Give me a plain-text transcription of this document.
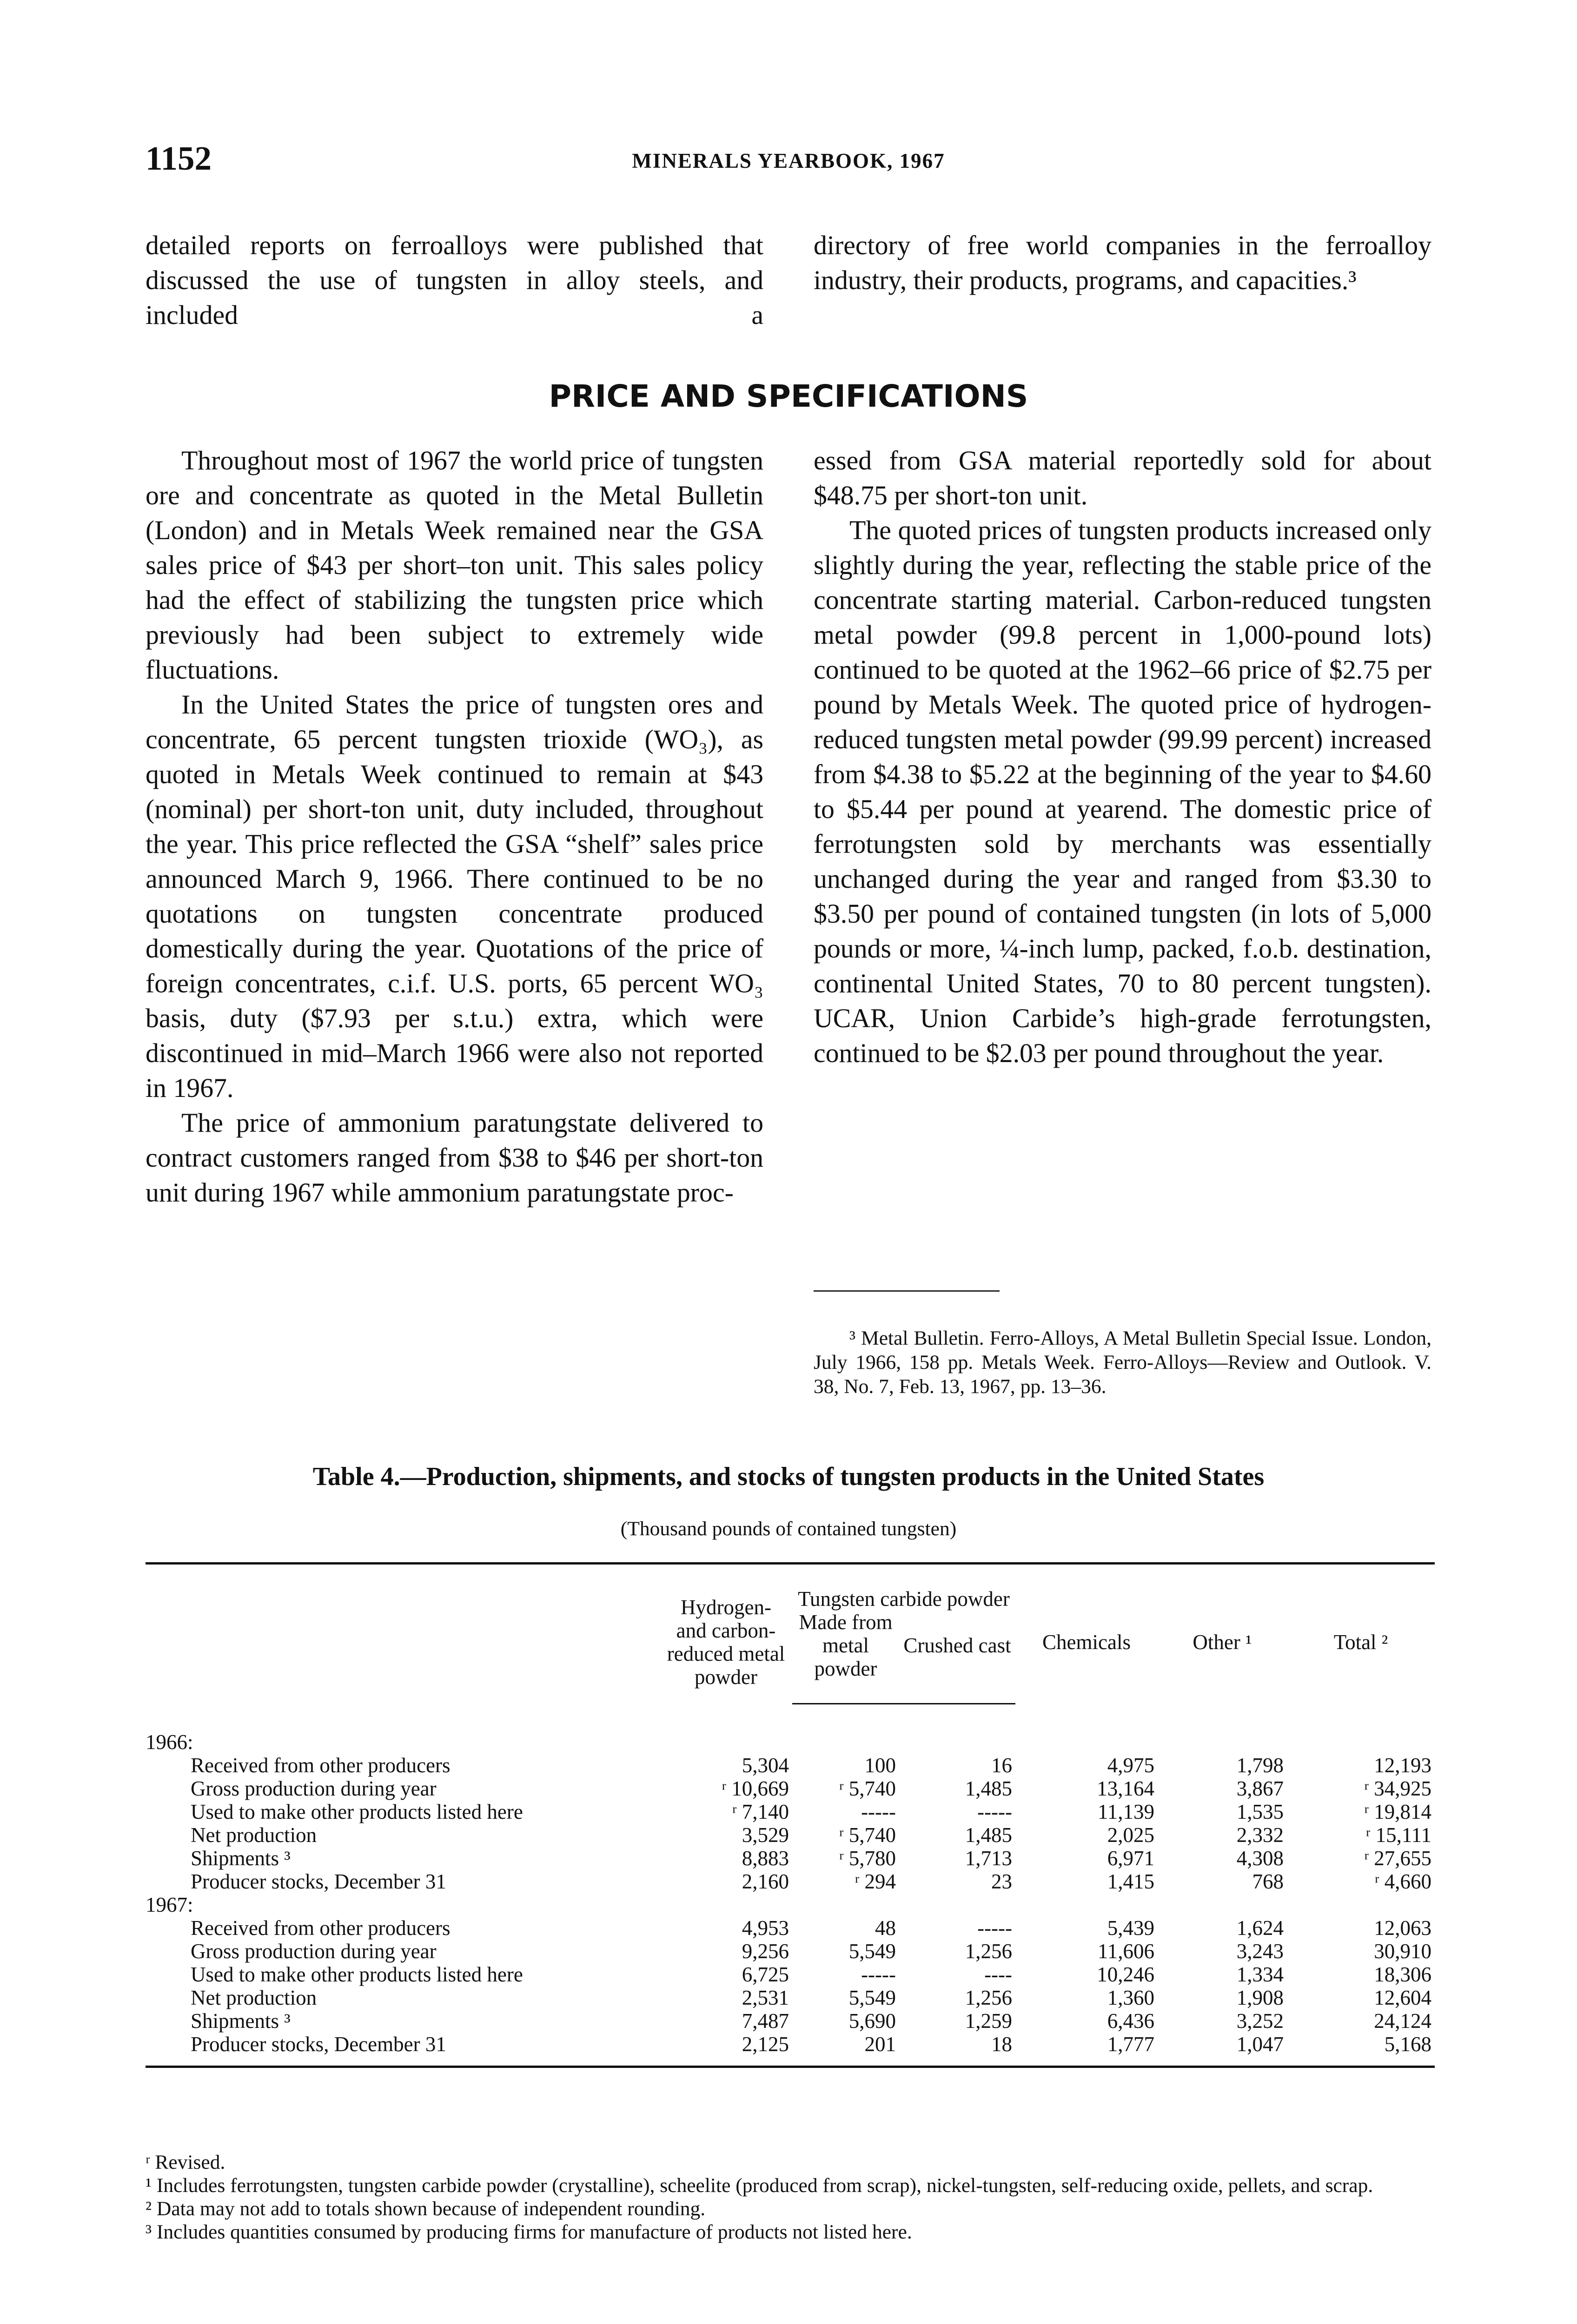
1152	MINERALS YEARBOOK, 1967

detailed reports on ferroalloys were published that discussed the use of tungsten in alloy steels, and included a

directory of free world companies in the ferroalloy industry, their products, programs, and capacities.³

PRICE AND SPECIFICATIONS

Throughout most of 1967 the world price of tungsten ore and concentrate as quoted in the Metal Bulletin (London) and in Metals Week remained near the GSA sales price of $43 per short–ton unit. This sales policy had the effect of stabilizing the tungsten price which previously had been subject to extremely wide fluctuations.

In the United States the price of tungsten ores and concentrate, 65 percent tungsten trioxide (WO₃), as quoted in Metals Week continued to remain at $43 (nominal) per short-ton unit, duty included, throughout the year. This price reflected the GSA “shelf” sales price announced March 9, 1966. There continued to be no quotations on tungsten concentrate produced domestically during the year. Quotations of the price of foreign concentrates, c.i.f. U.S. ports, 65 percent WO₃ basis, duty ($7.93 per s.t.u.) extra, which were discontinued in mid–March 1966 were also not reported in 1967.

The price of ammonium paratungstate delivered to contract customers ranged from $38 to $46 per short-ton unit during 1967 while ammonium paratungstate proc-

essed from GSA material reportedly sold for about $48.75 per short-ton unit.

The quoted prices of tungsten products increased only slightly during the year, reflecting the stable price of the concentrate starting material. Carbon-reduced tungsten metal powder (99.8 percent in 1,000-pound lots) continued to be quoted at the 1962–66 price of $2.75 per pound by Metals Week. The quoted price of hydrogen-reduced tungsten metal powder (99.99 percent) increased from $4.38 to $5.22 at the beginning of the year to $4.60 to $5.44 per pound at yearend. The domestic price of ferrotungsten sold by merchants was essentially unchanged during the year and ranged from $3.30 to $3.50 per pound of contained tungsten (in lots of 5,000 pounds or more, ¼-inch lump, packed, f.o.b. destination, continental United States, 70 to 80 percent tungsten). UCAR, Union Carbide’s high-grade ferrotungsten, continued to be $2.03 per pound throughout the year.

³ Metal Bulletin. Ferro-Alloys, A Metal Bulletin Special Issue. London, July 1966, 158 pp. Metals Week. Ferro-Alloys—Review and Outlook. V. 38, No. 7, Feb. 13, 1967, pp. 13–36.

Table 4.—Production, shipments, and stocks of tungsten products in the United States
(Thousand pounds of contained tungsten)
	Hydrogen- and carbon- reduced metal powder	Tungsten carbide powder		Chemicals	Other ¹	Total ²
		Made from metal powder	Crushed cast			
1966:						
Received from other producers	5,304	100	16	4,975	1,798	12,193
Gross production during year	ʳ 10,669	ʳ 5,740	1,485	13,164	3,867	ʳ 34,925
Used to make other products listed here	ʳ 7,140	-----	-----	11,139	1,535	ʳ 19,814
Net production	3,529	ʳ 5,740	1,485	2,025	2,332	ʳ 15,111
Shipments ³	8,883	ʳ 5,780	1,713	6,971	4,308	ʳ 27,655
Producer stocks, December 31	2,160	ʳ 294	23	1,415	768	ʳ 4,660
1967:						
Received from other producers	4,953	48	-----	5,439	1,624	12,063
Gross production during year	9,256	5,549	1,256	11,606	3,243	30,910
Used to make other products listed here	6,725	-----	----	10,246	1,334	18,306
Net production	2,531	5,549	1,256	1,360	1,908	12,604
Shipments ³	7,487	5,690	1,259	6,436	3,252	24,124
Producer stocks, December 31	2,125	201	18	1,777	1,047	5,168
ʳ Revised.
¹ Includes ferrotungsten, tungsten carbide powder (crystalline), scheelite (produced from scrap), nickel-tungsten, self-reducing oxide, pellets, and scrap.
² Data may not add to totals shown because of independent rounding.
³ Includes quantities consumed by producing firms for manufacture of products not listed here.
